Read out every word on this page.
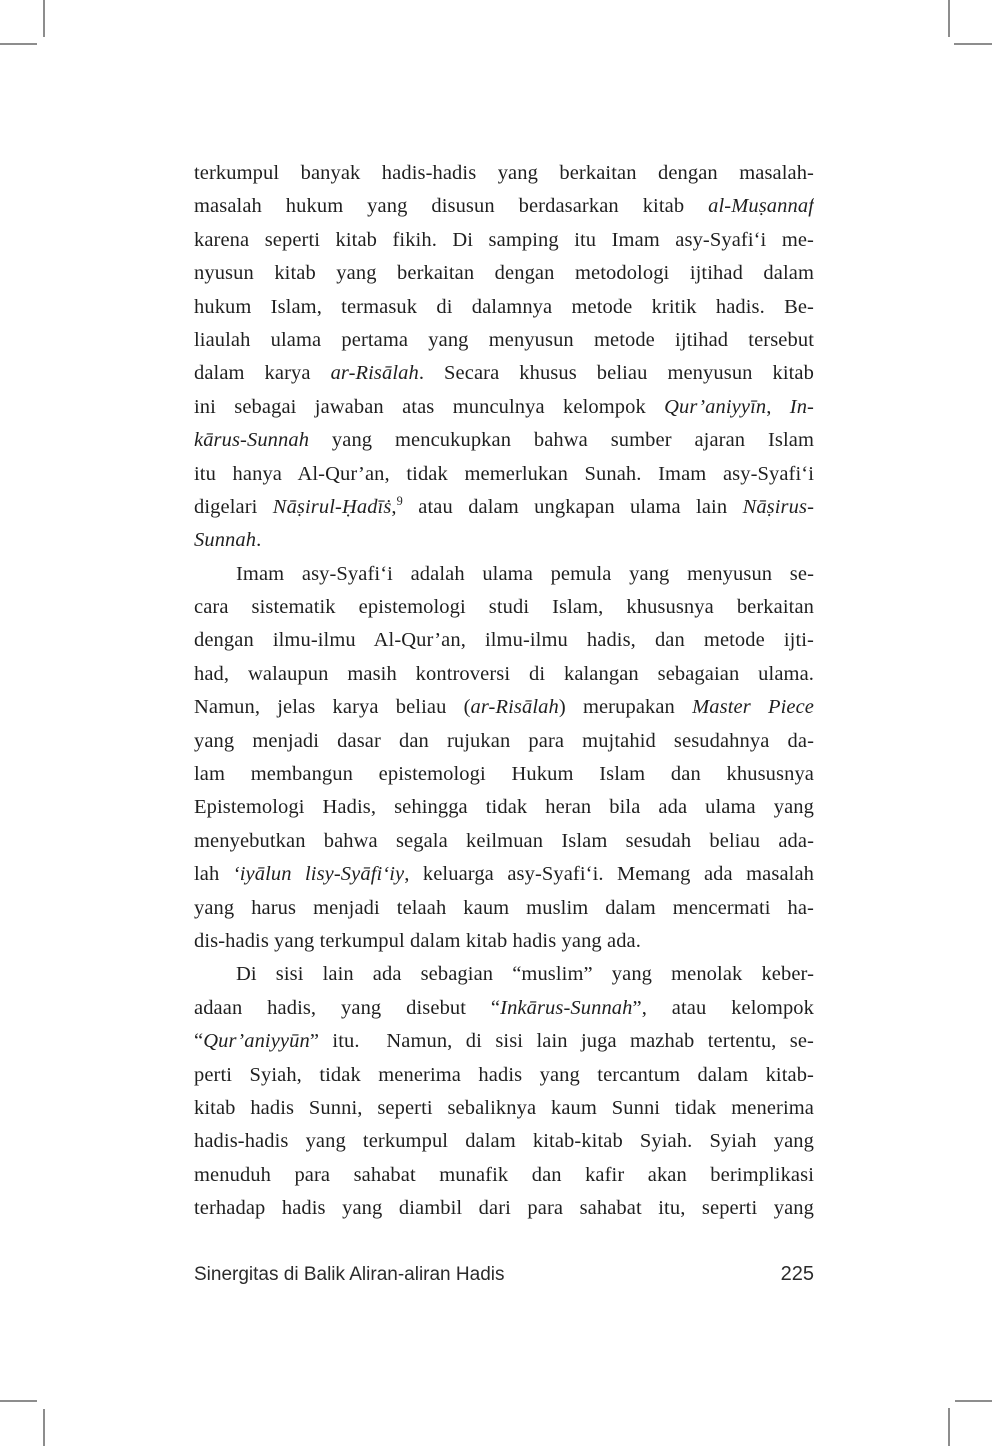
terkumpul banyak hadis-hadis yang berkaitan dengan masalah-
masalah hukum yang disusun berdasarkan kitab al-Muṣannaf
karena seperti kitab fikih. Di samping itu Imam asy-Syafi‘i me-
nyusun kitab yang berkaitan dengan metodologi ijtihad dalam
hukum Islam, termasuk di dalamnya metode kritik hadis. Be-
liaulah ulama pertama yang menyusun metode ijtihad tersebut
dalam karya ar-Risālah. Secara khusus beliau menyusun kitab
ini sebagai jawaban atas munculnya kelompok Qur’aniyyīn, In-
kārus-Sunnah yang mencukupkan bahwa sumber ajaran Islam
itu hanya Al-Qur’an, tidak memerlukan Sunah. Imam asy-Syafi‘i
digelari Nāṣirul-Ḥadīṡ,$^9$ atau dalam ungkapan ulama lain Nāṣirus-
Sunnah.
Imam asy-Syafi‘i adalah ulama pemula yang menyusun se-
cara sistematik epistemologi studi Islam, khususnya berkaitan
dengan ilmu-ilmu Al-Qur’an, ilmu-ilmu hadis, dan metode ijti-
had, walaupun masih kontroversi di kalangan sebagaian ulama.
Namun, jelas karya beliau (ar-Risālah) merupakan Master Piece
yang menjadi dasar dan rujukan para mujtahid sesudahnya da-
lam membangun epistemologi Hukum Islam dan khususnya
Epistemologi Hadis, sehingga tidak heran bila ada ulama yang
menyebutkan bahwa segala keilmuan Islam sesudah beliau ada-
lah ‘iyālun lisy-Syāfi‘iy, keluarga asy-Syafi‘i. Memang ada masalah
yang harus menjadi telaah kaum muslim dalam mencermati ha-
dis-hadis yang terkumpul dalam kitab hadis yang ada.
Di sisi lain ada sebagian “muslim” yang menolak keber-
adaan hadis, yang disebut “Inkārus-Sunnah”, atau kelompok
“Qur’aniyyūn” itu.  Namun, di sisi lain juga mazhab tertentu, se-
perti Syiah, tidak menerima hadis yang tercantum dalam kitab-
kitab hadis Sunni, seperti sebaliknya kaum Sunni tidak menerima
hadis-hadis yang terkumpul dalam kitab-kitab Syiah. Syiah yang
menuduh para sahabat munafik dan kafir akan berimplikasi
terhadap hadis yang diambil dari para sahabat itu, seperti yang
Sinergitas di Balik Aliran-aliran Hadis	225
